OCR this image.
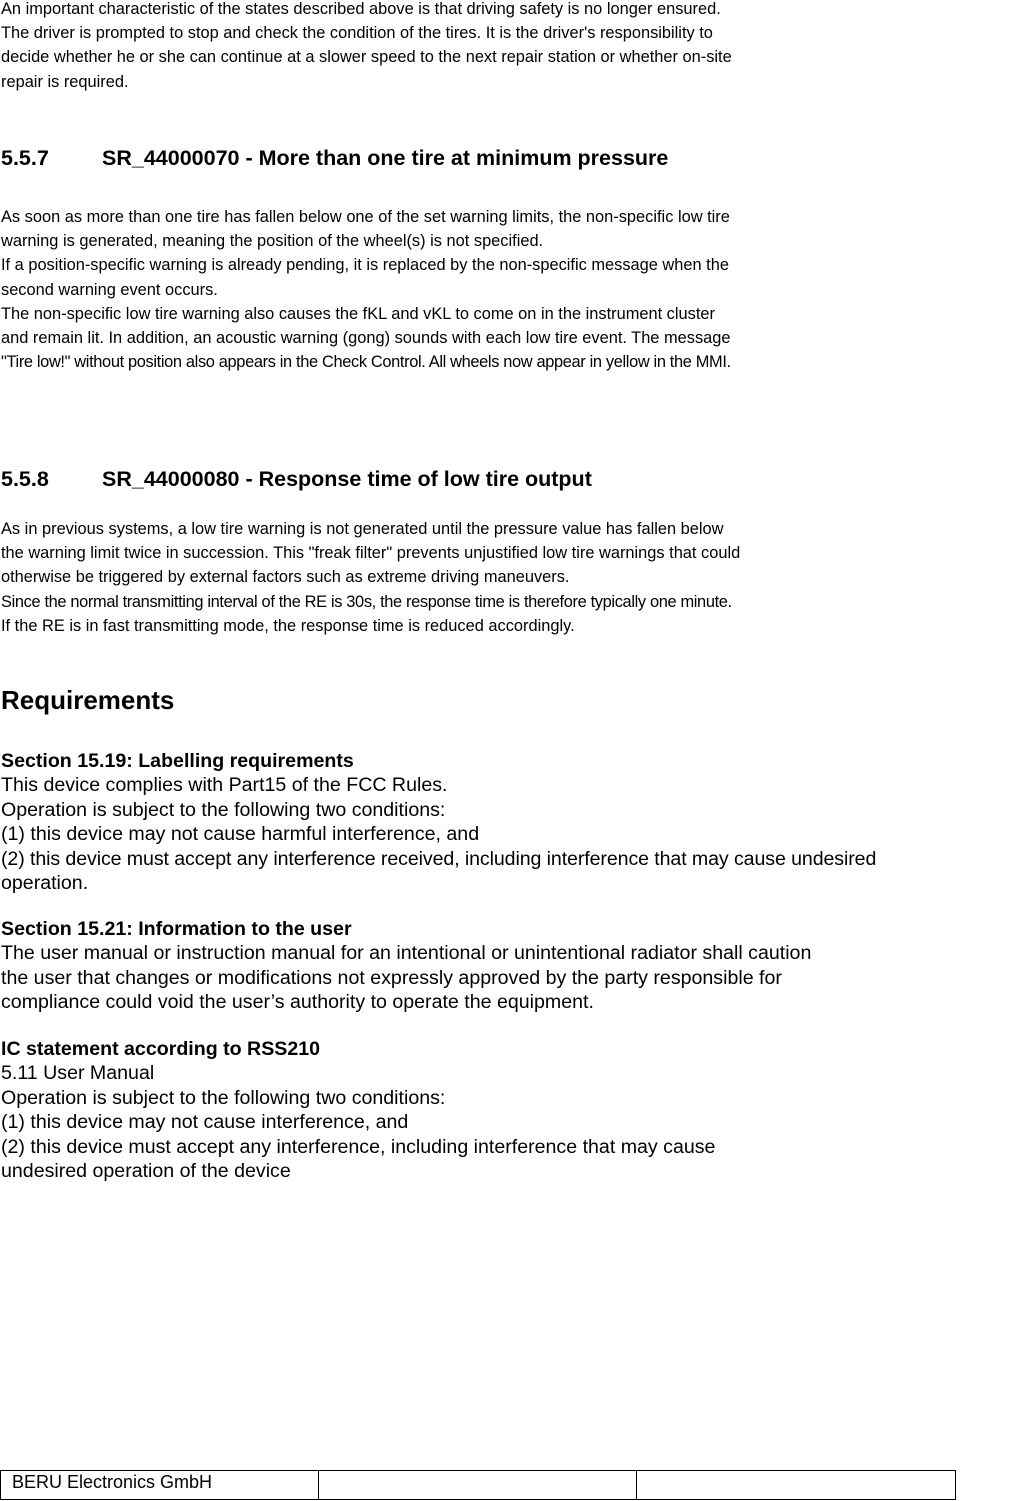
An important characteristic of the states described above is that driving safety is no longer ensured.
The driver is prompted to stop and check the condition of the tires. It is the driver's responsibility to
decide whether he or she can continue at a slower speed to the next repair station or whether on-site
repair is required.
5.5.7 SR_44000070 - More than one tire at minimum pressure
As soon as more than one tire has fallen below one of the set warning limits, the non-specific low tire
warning is generated, meaning the position of the wheel(s) is not specified.
If a position-specific warning is already pending, it is replaced by the non-specific message when the
second warning event occurs.
The non-specific low tire warning also causes the fKL and vKL to come on in the instrument cluster
and remain lit. In addition, an acoustic warning (gong) sounds with each low tire event. The message
"Tire low!" without position also appears in the Check Control. All wheels now appear in yellow in the MMI.
5.5.8 SR_44000080 - Response time of low tire output
As in previous systems, a low tire warning is not generated until the pressure value has fallen below
the warning limit twice in succession. This "freak filter" prevents unjustified low tire warnings that could
otherwise be triggered by external factors such as extreme driving maneuvers.
Since the normal transmitting interval of the RE is 30s, the response time is therefore typically one minute.
If the RE is in fast transmitting mode, the response time is reduced accordingly.
Requirements
Section 15.19: Labelling requirements
This device complies with Part15 of the FCC Rules.
Operation is subject to the following two conditions:
(1) this device may not cause harmful interference, and
(2) this device must accept any interference received, including interference that may cause undesired
operation.
Section 15.21: Information to the user
The user manual or instruction manual for an intentional or unintentional radiator shall caution
the user that changes or modifications not expressly approved by the party responsible for
compliance could void the user’s authority to operate the equipment.
IC statement according to RSS210
5.11 User Manual
Operation is subject to the following two conditions:
(1) this device may not cause interference, and
(2) this device must accept any interference, including interference that may cause
undesired operation of the device
BERU Electronics GmbH		
